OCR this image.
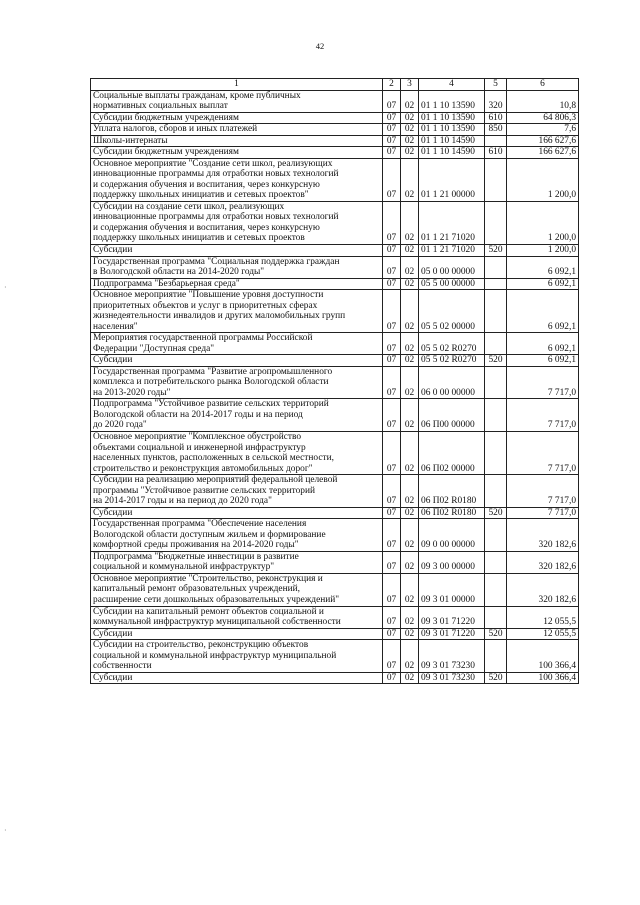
42
·
·
1	2	3	4	5	6
Социальные выплаты гражданам, кроме публичных
нормативных социальных выплат	07	02	01 1 10 13590	320	10,8
Субсидии бюджетным учреждениям	07	02	01 1 10 13590	610	64 806,3
Уплата налогов, сборов и иных платежей	07	02	01 1 10 13590	850	7,6
Школы-интернаты	07	02	01 1 10 14590		166 627,6
Субсидии бюджетным учреждениям	07	02	01 1 10 14590	610	166 627,6
Основное мероприятие "Создание сети школ, реализующих
инновационные программы для отработки новых технологий
и содержания обучения и воспитания, через конкурсную
поддержку школьных инициатив и сетевых проектов"	07	02	01 1 21 00000		1 200,0
Субсидии на создание сети школ, реализующих
инновационные программы для отработки новых технологий
и содержания обучения и воспитания, через конкурсную
поддержку школьных инициатив и сетевых проектов	07	02	01 1 21 71020		1 200,0
Субсидии	07	02	01 1 21 71020	520	1 200,0
Государственная программа "Социальная поддержка граждан
в Вологодской области на 2014-2020 годы"	07	02	05 0 00 00000		6 092,1
Подпрограмма "Безбарьерная среда"	07	02	05 5 00 00000		6 092,1
Основное мероприятие "Повышение уровня доступности
приоритетных объектов и услуг в приоритетных сферах
жизнедеятельности инвалидов и других маломобильных групп
населения"	07	02	05 5 02 00000		6 092,1
Мероприятия государственной программы Российской
Федерации "Доступная среда"	07	02	05 5 02 R0270		6 092,1
Субсидии	07	02	05 5 02 R0270	520	6 092,1
Государственная программа "Развитие агропромышленного
комплекса и потребительского рынка Вологодской области
на 2013-2020 годы"	07	02	06 0 00 00000		7 717,0
Подпрограмма "Устойчивое развитие сельских территорий
Вологодской области на 2014-2017 годы и на период
до 2020 года"	07	02	06 П00 00000		7 717,0
Основное мероприятие "Комплексное обустройство
объектами социальной и инженерной инфраструктур
населенных пунктов, расположенных в сельской местности,
строительство и реконструкция автомобильных дорог"	07	02	06 П02 00000		7 717,0
Субсидии на реализацию мероприятий федеральной целевой
программы "Устойчивое развитие сельских территорий
на 2014-2017 годы и на период до 2020 года"	07	02	06 П02 R0180		7 717,0
Субсидии	07	02	06 П02 R0180	520	7 717,0
Государственная программа "Обеспечение населения
Вологодской области доступным жильем и формирование
комфортной среды проживания на 2014-2020 годы"	07	02	09 0 00 00000		320 182,6
Подпрограмма "Бюджетные инвестиции в развитие
социальной и коммунальной инфраструктур"	07	02	09 3 00 00000		320 182,6
Основное мероприятие "Строительство, реконструкция и
капитальный ремонт образовательных учреждений,
расширение сети дошкольных образовательных учреждений"	07	02	09 3 01 00000		320 182,6
Субсидии на капитальный ремонт объектов социальной и
коммунальной инфраструктур муниципальной собственности	07	02	09 3 01 71220		12 055,5
Субсидии	07	02	09 3 01 71220	520	12 055,5
Субсидии на строительство, реконструкцию объектов
социальной и коммунальной инфраструктур муниципальной
собственности	07	02	09 3 01 73230		100 366,4
Субсидии	07	02	09 3 01 73230	520	100 366,4
